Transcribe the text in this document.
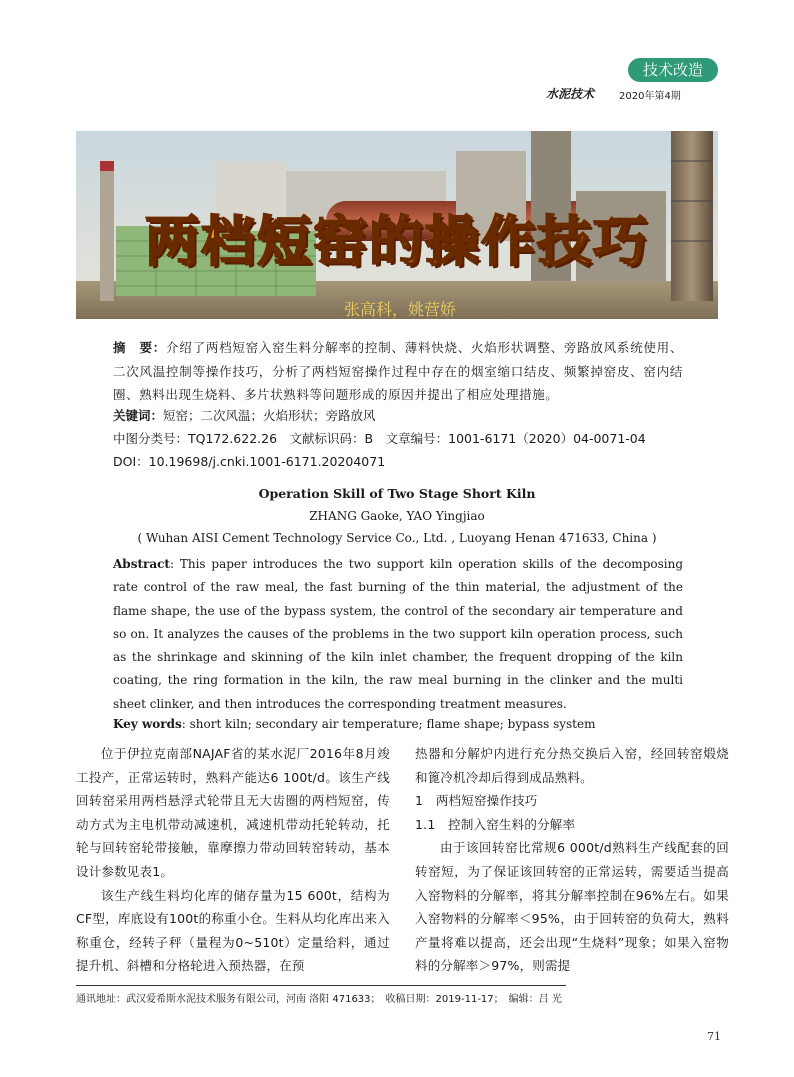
技术改造
水泥技术 2020年第4期
两档短窑的操作技巧
张高科，姚营娇
摘　要：介绍了两档短窑入窑生料分解率的控制、薄料快烧、火焰形状调整、旁路放风系统使用、二次风温控制等操作技巧，分析了两档短窑操作过程中存在的烟室缩口结皮、频繁掉窑皮、窑内结圈、熟料出现生烧料、多片状熟料等问题形成的原因并提出了相应处理措施。
关键词：短窑；二次风温；火焰形状；旁路放风
中图分类号：TQ172.622.26　文献标识码：B　文章编号：1001-6171（2020）04-0071-04
DOI：10.19698/j.cnki.1001-6171.20204071
Operation Skill of Two Stage Short Kiln
ZHANG Gaoke, YAO Yingjiao
( Wuhan AISI Cement Technology Service Co., Ltd. , Luoyang Henan 471633, China )
Abstract: This paper introduces the two support kiln operation skills of the decomposing rate control of the raw meal, the fast burning of the thin material, the adjustment of the flame shape, the use of the bypass system, the control of the secondary air temperature and so on. It analyzes the causes of the problems in the two support kiln operation process, such as the shrinkage and skinning of the kiln inlet chamber, the frequent dropping of the kiln coating, the ring formation in the kiln, the raw meal burning in the clinker and the multi sheet clinker, and then introduces the corresponding treatment measures.
Key words: short kiln; secondary air temperature; flame shape; bypass system

位于伊拉克南部NAJAF省的某水泥厂2016年8月竣工投产，正常运转时，熟料产能达6 100t/d。该生产线回转窑采用两档悬浮式轮带且无大齿圈的两档短窑，传动方式为主电机带动减速机，减速机带动托轮转动，托轮与回转窑轮带接触，靠摩擦力带动回转窑转动，基本设计参数见表1。

该生产线生料均化库的储存量为15 600t，结构为CF型，库底设有100t的称重小仓。生料从均化库出来入称重仓，经转子秤（量程为0~510t）定量给料，通过提升机、斜槽和分格轮进入预热器，在预

热器和分解炉内进行充分热交换后入窑，经回转窑煅烧和篦冷机冷却后得到成品熟料。

1　两档短窑操作技巧

1.1　控制入窑生料的分解率

由于该回转窑比常规6 000t/d熟料生产线配套的回转窑短，为了保证该回转窑的正常运转，需要适当提高入窑物料的分解率，将其分解率控制在96%左右。如果入窑物料的分解率＜95%，由于回转窑的负荷大，熟料产量将难以提高，还会出现“生烧料”现象；如果入窑物料的分解率＞97%，则需提

通讯地址：武汉爱希斯水泥技术服务有限公司，河南 洛阳 471633；　收稿日期：2019-11-17；　编辑：吕 光
71
